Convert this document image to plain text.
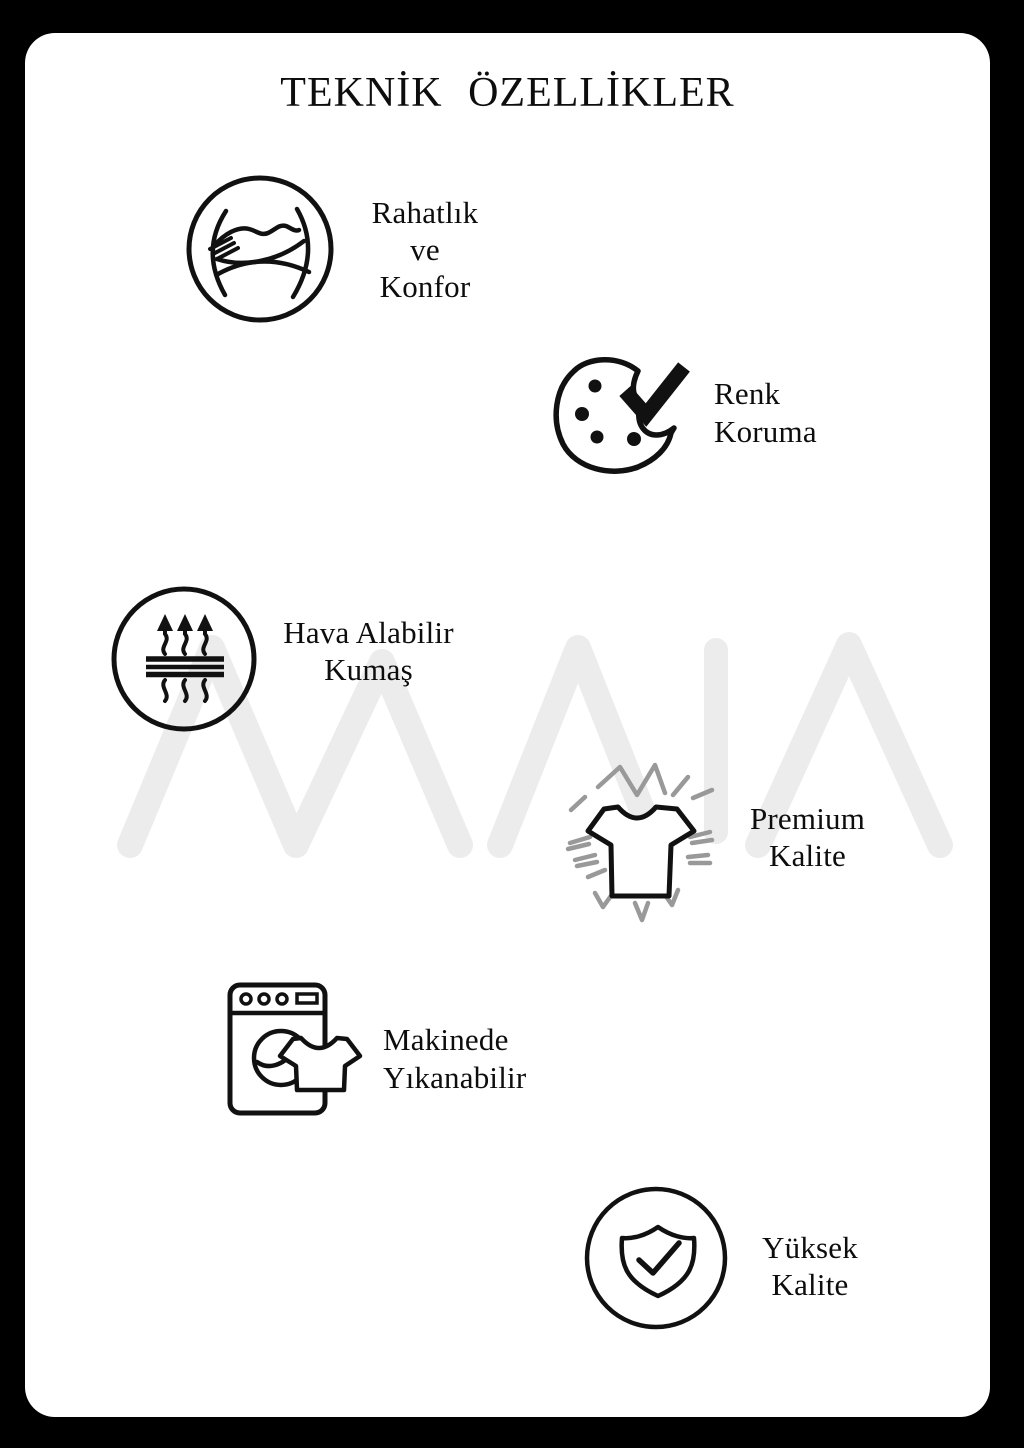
TEKNİK ÖZELLİKLER
Rahatlık
ve
Konfor
Renk
Koruma
Hava Alabilir
Kumaş
Premium
Kalite
Makinede
Yıkanabilir
Yüksek
Kalite
